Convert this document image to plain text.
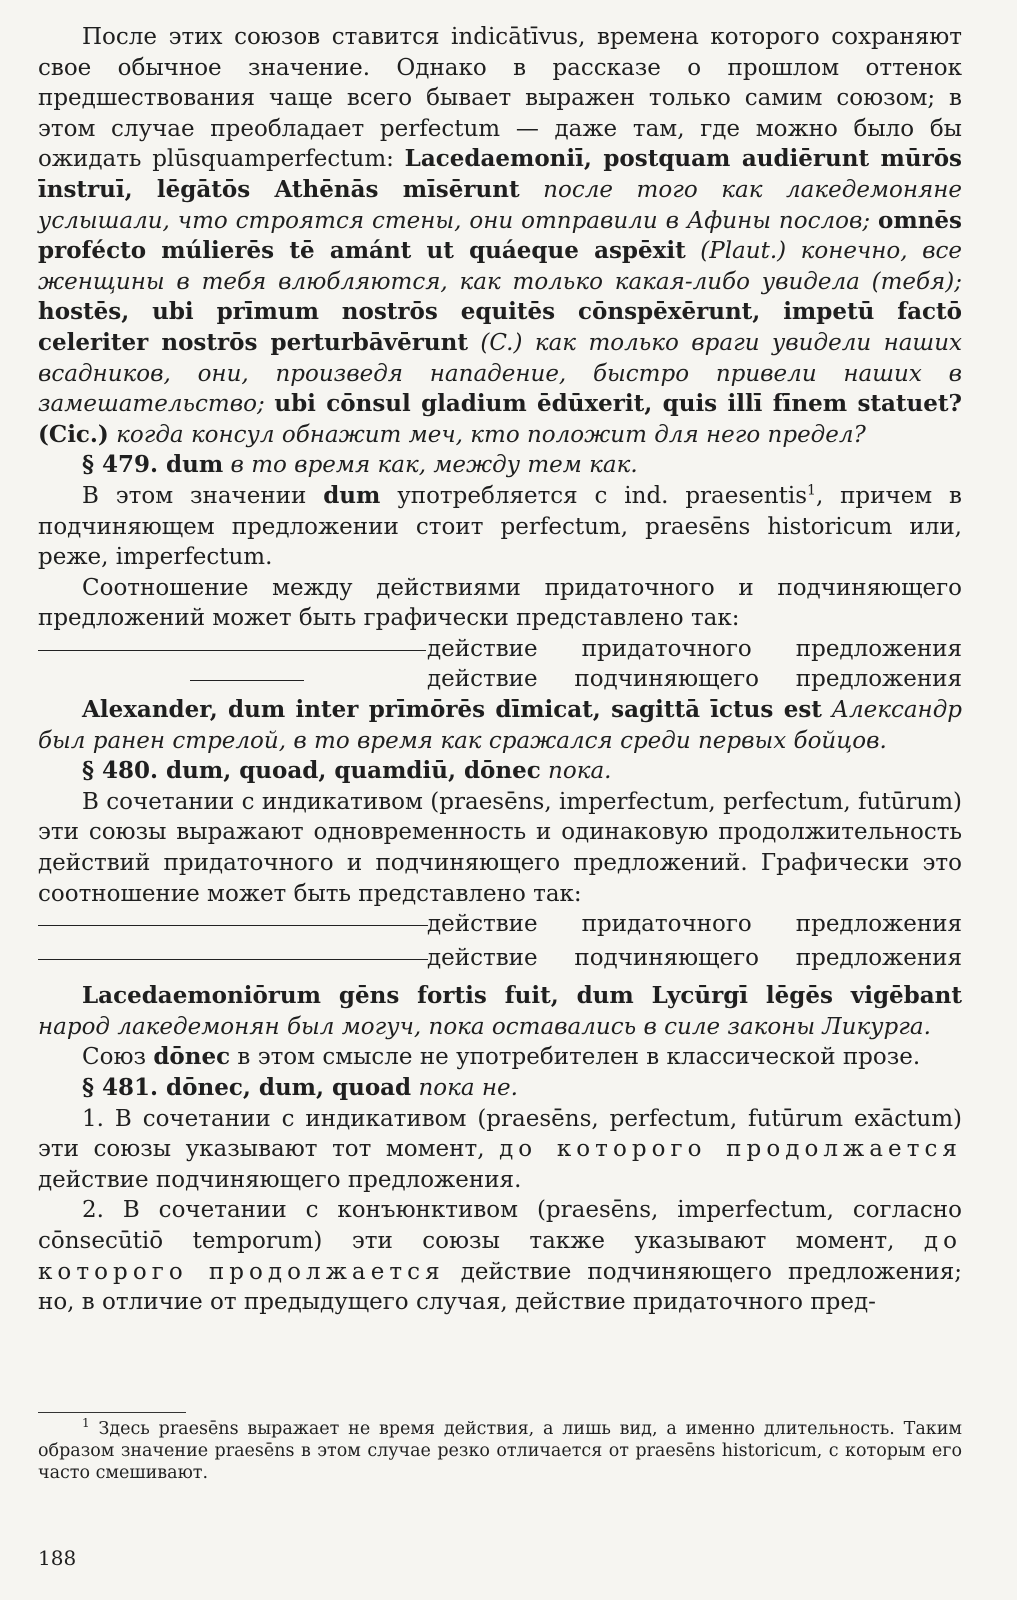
После этих союзов ставится indicātīvus, времена которого сохраняют свое обычное значение. Однако в рассказе о прошлом оттенок предшествования чаще всего бывает выражен только самим союзом; в этом случае преобладает perfectum — даже там, где можно было бы ожидать plūsquamperfectum: Lacedaemoniī, postquam audiērunt mūrōs īnstruī, lēgātōs Athēnās mīsērunt после того как лакедемоняне услышали, что строятся стены, они отправили в Афины послов; omnēs profécto múlierēs tē amánt ut quáeque aspēxit (Plaut.) конечно, все женщины в тебя влюбляются, как только какая-либо увидела (тебя); hostēs, ubi prīmum nostrōs equitēs cōnspēxērunt, impetū factō celeriter nostrōs perturbāvērunt (C.) как только враги увидели наших всадников, они, произведя нападение, быстро привели наших в замешательство; ubi cōnsul gladium ēdūxerit, quis illī fīnem statuet? (Cic.) когда консул обнажит меч, кто положит для него предел?

§ 479. dum в то время как, между тем как.

В этом значении dum употребляется с ind. praesentis$^1$, причем в подчиняющем предложении стоит perfectum, praesēns historicum или, реже, imperfectum.

Соотношение между действиями придаточного и подчиняющего предложений может быть графически представлено так:

действие придаточного предложения
действие подчиняющего предложения

Alexander, dum inter prīmōrēs dīmicat, sagittā īctus est Александр был ранен стрелой, в то время как сражался среди первых бойцов.

§ 480. dum, quoad, quamdiū, dōnec пока.

В сочетании с индикативом (praesēns, imperfectum, perfectum, futūrum) эти союзы выражают одновременность и одинаковую продолжительность действий придаточного и подчиняющего предложений. Графически это соотношение может быть представлено так:

действие придаточного предложения
действие подчиняющего предложения

Lacedaemoniōrum gēns fortis fuit, dum Lycūrgī lēgēs vigēbant народ лакедемонян был могуч, пока оставались в силе законы Ликурга.

Союз dōnec в этом смысле не употребителен в классической прозе.

§ 481. dōnec, dum, quoad пока не.

1. В сочетании с индикативом (praesēns, perfectum, futūrum exāctum) эти союзы указывают тот момент, до которого продолжается действие подчиняющего предложения.

2. В сочетании с конъюнктивом (praesēns, imperfectum, согласно cōnsecūtiō temporum) эти союзы также указывают момент, до которого продолжается действие подчиняющего предложения; но, в отличие от предыдущего случая, действие придаточного пред-

$^1$ Здесь praesēns выражает не время действия, а лишь вид, а именно длительность. Таким образом значение praesēns в этом случае резко отличается от praesēns historicum, с которым его часто смешивают.

188
